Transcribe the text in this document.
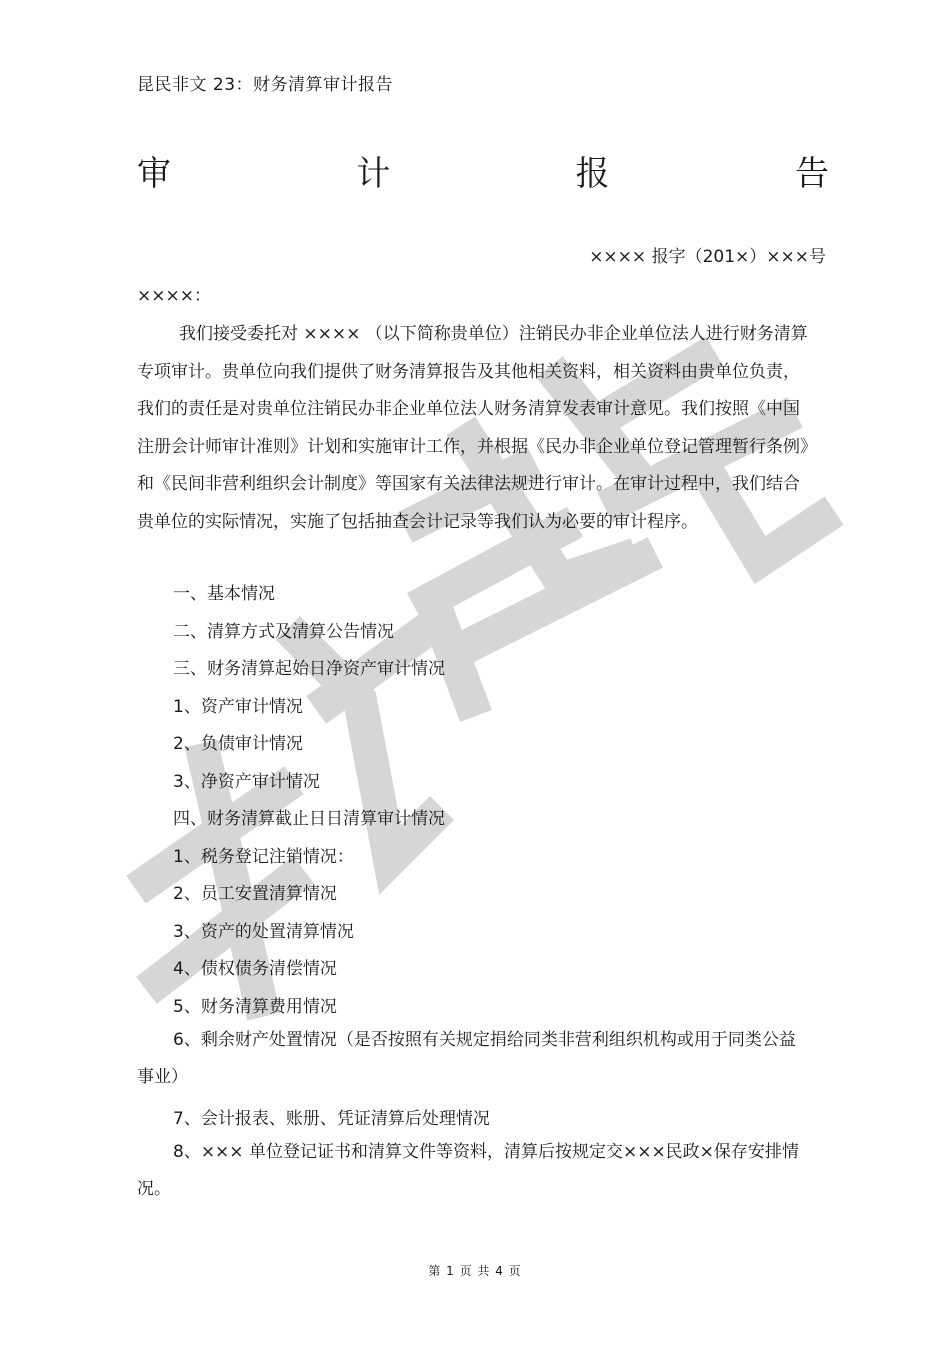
昆民非文 23：财务清算审计报告
审	计	报	告
×××× 报字（201×）×××号
××××：

我们接受委托对 ×××× （以下简称贵单位）注销民办非企业单位法人进行财务清算专项审计。贵单位向我们提供了财务清算报告及其他相关资料，相关资料由贵单位负责，我们的责任是对贵单位注销民办非企业单位法人财务清算发表审计意见。我们按照《中国注册会计师审计准则》计划和实施审计工作，并根据《民办非企业单位登记管理暂行条例》和《民间非营利组织会计制度》等国家有关法律法规进行审计。在审计过程中，我们结合贵单位的实际情况，实施了包括抽查会计记录等我们认为必要的审计程序。

一、基本情况
二、清算方式及清算公告情况
三、财务清算起始日净资产审计情况
1、资产审计情况
2、负债审计情况
3、净资产审计情况
四、财务清算截止日日清算审计情况
1、税务登记注销情况：
2、员工安置清算情况
3、资产的处置清算情况
4、债权债务清偿情况
5、财务清算费用情况

6、剩余财产处置情况（是否按照有关规定捐给同类非营利组织机构或用于同类公益事业）

7、会计报表、账册、凭证清算后处理情况

8、××× 单位登记证书和清算文件等资料，清算后按规定交×××民政×保存安排情况。

第 1 页 共 4 页
